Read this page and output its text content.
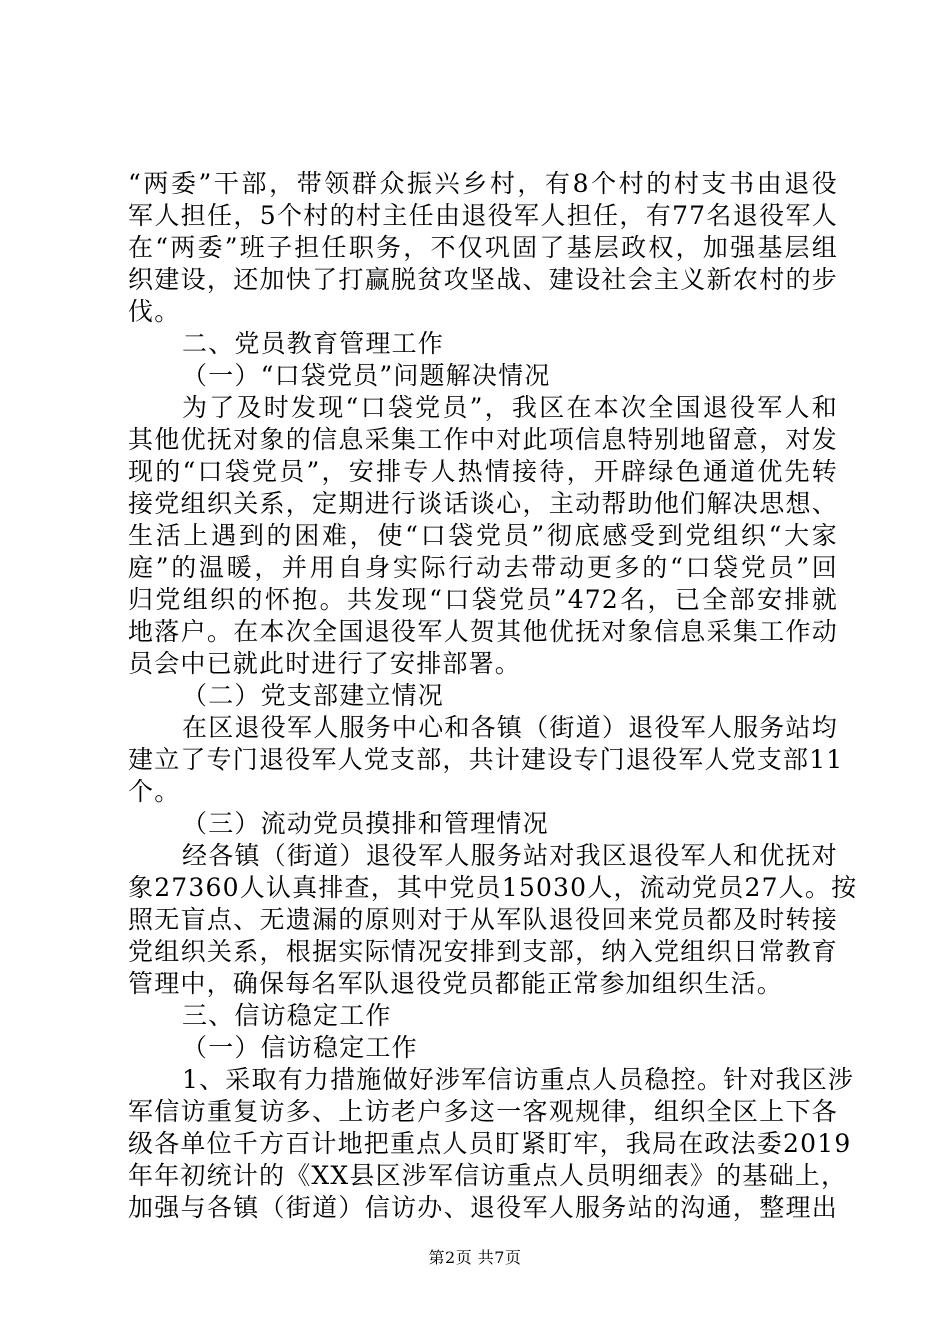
“两委”干部，带领群众振兴乡村，有8个村的村支书由退役
军人担任，5个村的村主任由退役军人担任，有77名退役军人
在“两委”班子担任职务，不仅巩固了基层政权，加强基层组
织建设，还加快了打赢脱贫攻坚战、建设社会主义新农村的步
伐。
二、党员教育管理工作
（一）“口袋党员”问题解决情况
为了及时发现“口袋党员”，我区在本次全国退役军人和
其他优抚对象的信息采集工作中对此项信息特别地留意，对发
现的“口袋党员”，安排专人热情接待，开辟绿色通道优先转
接党组织关系，定期进行谈话谈心，主动帮助他们解决思想、
生活上遇到的困难，使“口袋党员”彻底感受到党组织“大家
庭”的温暖，并用自身实际行动去带动更多的“口袋党员”回
归党组织的怀抱。共发现“口袋党员”472名，已全部安排就
地落户。在本次全国退役军人贺其他优抚对象信息采集工作动
员会中已就此时进行了安排部署。
（二）党支部建立情况
在区退役军人服务中心和各镇（街道）退役军人服务站均
建立了专门退役军人党支部，共计建设专门退役军人党支部11
个。
（三）流动党员摸排和管理情况
经各镇（街道）退役军人服务站对我区退役军人和优抚对
象27360人认真排查，其中党员15030人，流动党员27人。按
照无盲点、无遗漏的原则对于从军队退役回来党员都及时转接
党组织关系，根据实际情况安排到支部，纳入党组织日常教育
管理中，确保每名军队退役党员都能正常参加组织生活。
三、信访稳定工作
（一）信访稳定工作
1、采取有力措施做好涉军信访重点人员稳控。针对我区涉
军信访重复访多、上访老户多这一客观规律，组织全区上下各
级各单位千方百计地把重点人员盯紧盯牢，我局在政法委2019
年年初统计的《XX县区涉军信访重点人员明细表》的基础上，
加强与各镇（街道）信访办、退役军人服务站的沟通，整理出
第2页 共7页
